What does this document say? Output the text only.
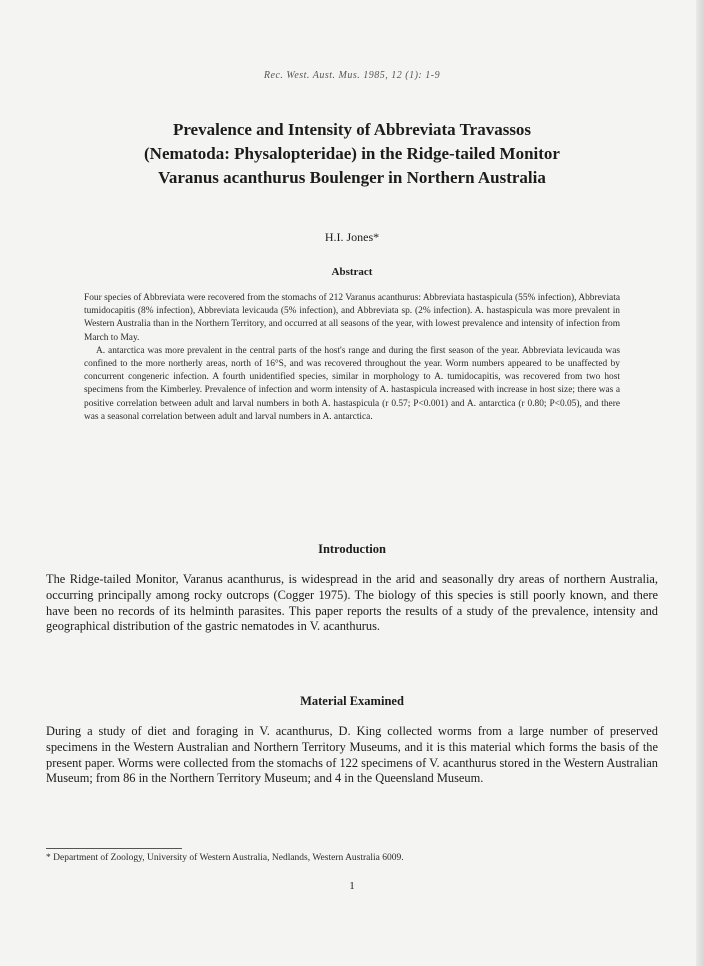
Rec. West. Aust. Mus. 1985, 12 (1): 1-9
Prevalence and Intensity of Abbreviata Travassos
(Nematoda: Physalopteridae) in the Ridge-tailed Monitor
Varanus acanthurus Boulenger in Northern Australia
H.I. Jones*
Abstract

Four species of Abbreviata were recovered from the stomachs of 212 Varanus acanthurus: Abbreviata hastaspicula (55% infection), Abbreviata tumidocapitis (8% infection), Abbreviata levicauda (5% infection), and Abbreviata sp. (2% infection). A. hastaspicula was more prevalent in Western Australia than in the Northern Territory, and occurred at all seasons of the year, with lowest prevalence and intensity of infection from March to May.

A. antarctica was more prevalent in the central parts of the host's range and during the first season of the year. Abbreviata levicauda was confined to the more northerly areas, north of 16°S, and was recovered throughout the year. Worm numbers appeared to be unaffected by concurrent congeneric infection. A fourth unidentified species, similar in morphology to A. tumidocapitis, was recovered from two host specimens from the Kimberley. Prevalence of infection and worm intensity of A. hastaspicula increased with increase in host size; there was a positive correlation between adult and larval numbers in both A. hastaspicula (r 0.57; P<0.001) and A. antarctica (r 0.80; P<0.05), and there was a seasonal correlation between adult and larval numbers in A. antarctica.

Introduction

The Ridge-tailed Monitor, Varanus acanthurus, is widespread in the arid and seasonally dry areas of northern Australia, occurring principally among rocky outcrops (Cogger 1975). The biology of this species is still poorly known, and there have been no records of its helminth parasites. This paper reports the results of a study of the prevalence, intensity and geographical distribution of the gastric nematodes in V. acanthurus.

Material Examined

During a study of diet and foraging in V. acanthurus, D. King collected worms from a large number of preserved specimens in the Western Australian and Northern Territory Museums, and it is this material which forms the basis of the present paper. Worms were collected from the stomachs of 122 specimens of V. acanthurus stored in the Western Australian Museum; from 86 in the Northern Territory Museum; and 4 in the Queensland Museum.

* Department of Zoology, University of Western Australia, Nedlands, Western Australia 6009.
1
